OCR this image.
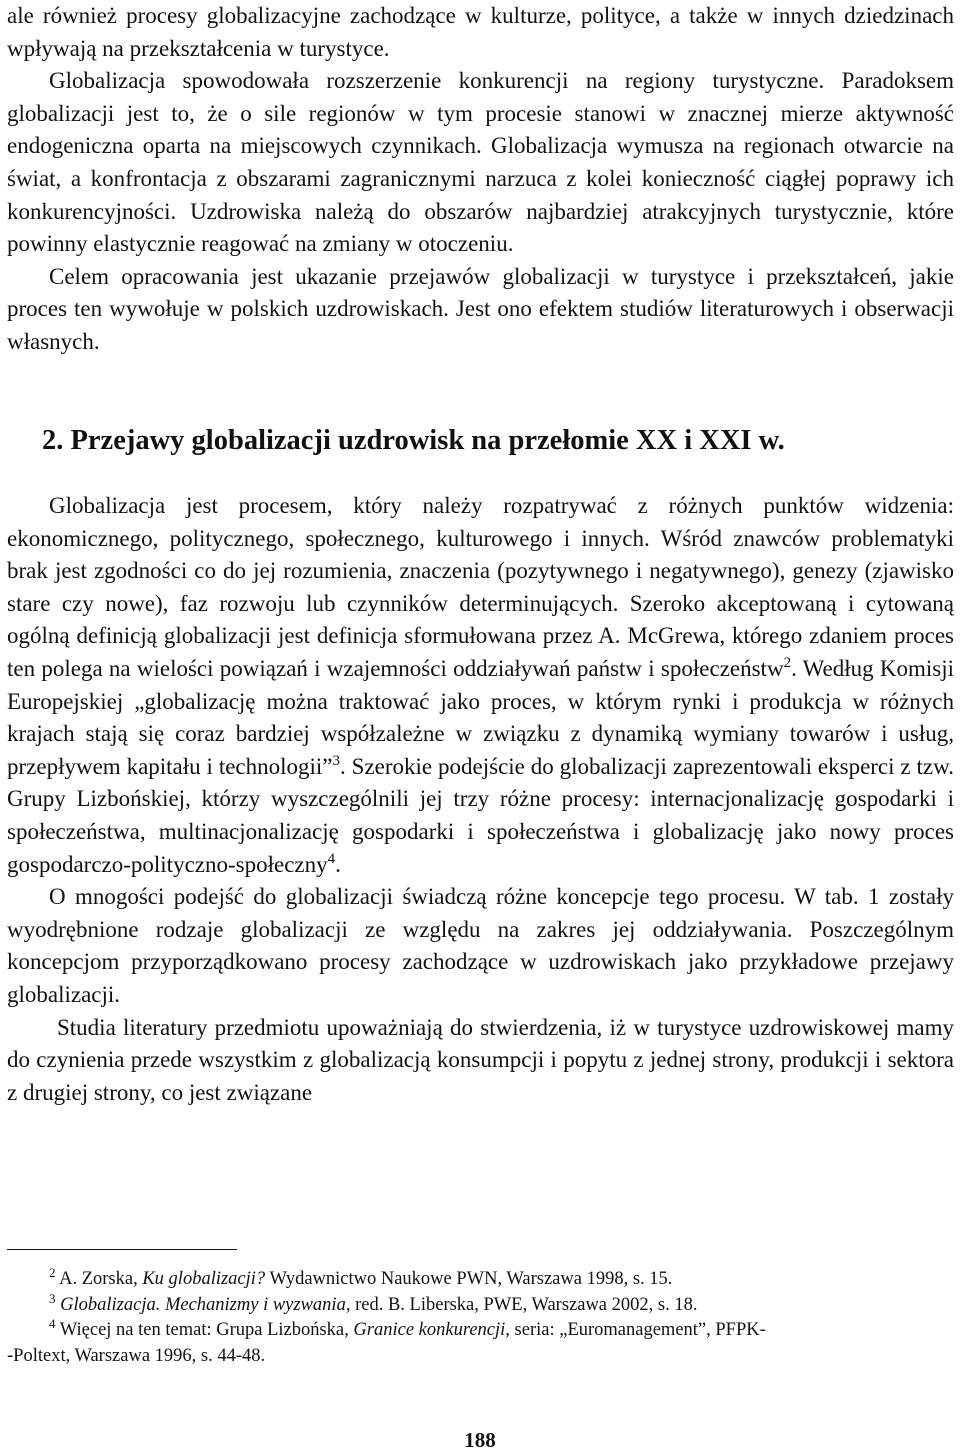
ale również procesy globalizacyjne zachodzące w kulturze, polityce, a także w innych dziedzinach wpływają na przekształcenia w turystyce.

Globalizacja spowodowała rozszerzenie konkurencji na regiony turystyczne. Paradoksem globalizacji jest to, że o sile regionów w tym procesie stanowi w znacznej mierze aktywność endogeniczna oparta na miejscowych czynnikach. Globalizacja wymusza na regionach otwarcie na świat, a konfrontacja z obszarami zagranicznymi narzuca z kolei konieczność ciągłej poprawy ich konkurencyjności. Uzdrowiska należą do obszarów najbardziej atrakcyjnych turystycznie, które powinny elastycznie reagować na zmiany w otoczeniu.

Celem opracowania jest ukazanie przejawów globalizacji w turystyce i przekształceń, jakie proces ten wywołuje w polskich uzdrowiskach. Jest ono efektem studiów literaturowych i obserwacji własnych.

2. Przejawy globalizacji uzdrowisk na przełomie XX i XXI w.

Globalizacja jest procesem, który należy rozpatrywać z różnych punktów widzenia: ekonomicznego, politycznego, społecznego, kulturowego i innych. Wśród znawców problematyki brak jest zgodności co do jej rozumienia, znaczenia (pozytywnego i negatywnego), genezy (zjawisko stare czy nowe), faz rozwoju lub czynników determinujących. Szeroko akceptowaną i cytowaną ogólną definicją globalizacji jest definicja sformułowana przez A. McGrewa, którego zdaniem proces ten polega na wielości powiązań i wzajemności oddziaływań państw i społeczeństw$^2$. Według Komisji Europejskiej „globalizację można traktować jako proces, w którym rynki i produkcja w różnych krajach stają się coraz bardziej współzależne w związku z dynamiką wymiany towarów i usług, przepływem kapitału i technologii”$^3$. Szerokie podejście do globalizacji zaprezentowali eksperci z tzw. Grupy Lizbońskiej, którzy wyszczególnili jej trzy różne procesy: internacjonalizację gospodarki i społeczeństwa, multinacjonalizację gospodarki i społeczeństwa i globalizację jako nowy proces gospodarczo-polityczno-społeczny$^4$.

O mnogości podejść do globalizacji świadczą różne koncepcje tego procesu. W tab. 1 zostały wyodrębnione rodzaje globalizacji ze względu na zakres jej oddziaływania. Poszczególnym koncepcjom przyporządkowano procesy zachodzące w uzdrowiskach jako przykładowe przejawy globalizacji.

Studia literatury przedmiotu upoważniają do stwierdzenia, iż w turystyce uzdrowiskowej mamy do czynienia przede wszystkim z globalizacją konsumpcji i popytu z jednej strony, produkcji i sektora z drugiej strony, co jest związane

$^2$ A. Zorska, Ku globalizacji? Wydawnictwo Naukowe PWN, Warszawa 1998, s. 15.

$^3$ Globalizacja. Mechanizmy i wyzwania, red. B. Liberska, PWE, Warszawa 2002, s. 18.

$^4$ Więcej na ten temat: Grupa Lizbońska, Granice konkurencji, seria: „Euromanagement”, PFPK-

-Poltext, Warszawa 1996, s. 44-48.

188
